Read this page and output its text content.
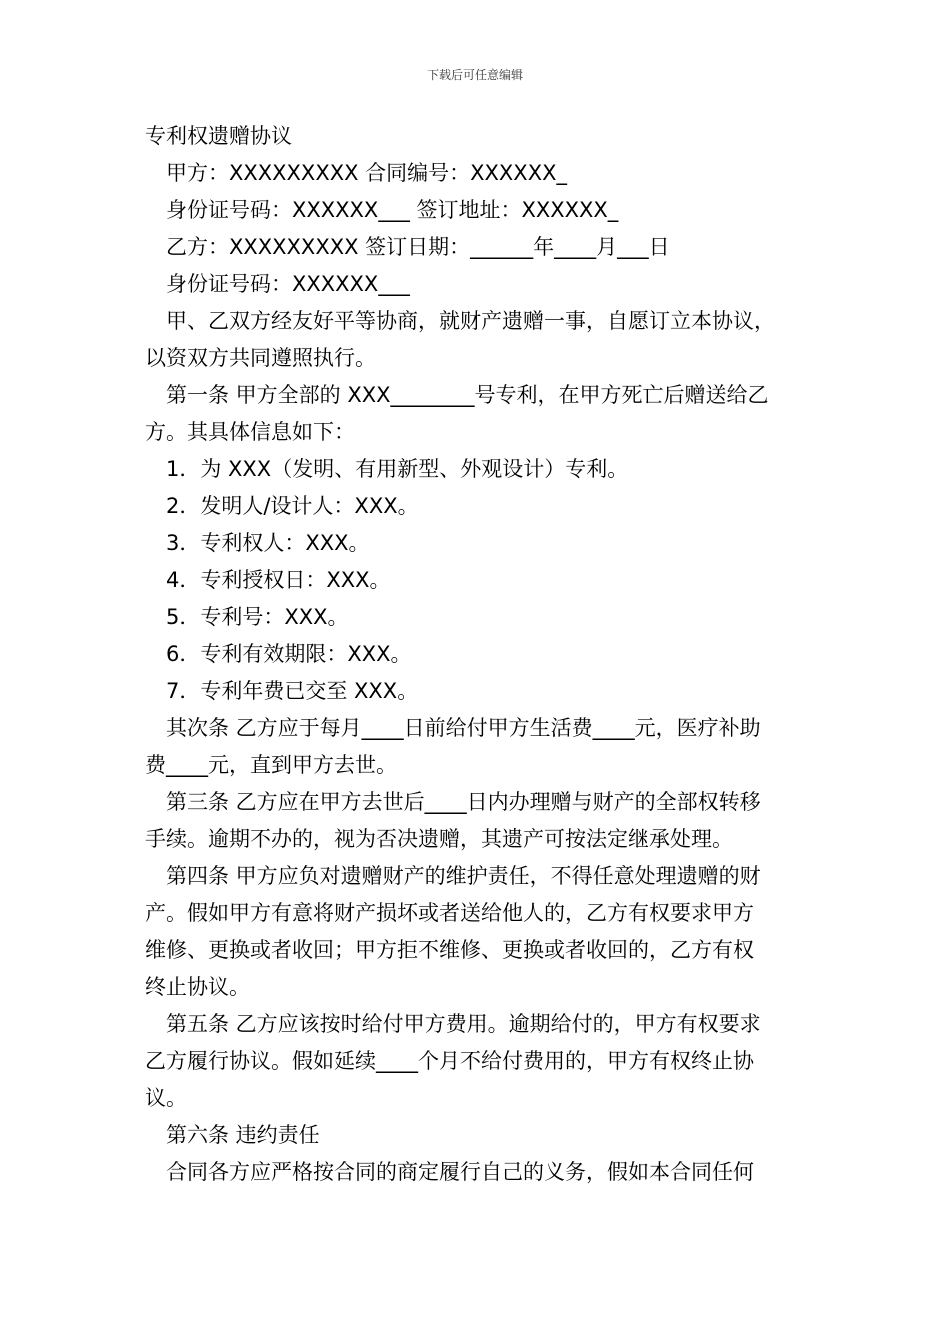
下载后可任意编辑
专利权遗赠协议
甲方：XXXXXXXXX 合同编号：XXXXXX_
身份证号码：XXXXXX___ 签订地址：XXXXXX_
乙方：XXXXXXXXX 签订日期：______年____月___日
身份证号码：XXXXXX___
甲、乙双方经友好平等协商，就财产遗赠一事，自愿订立本协议，
以资双方共同遵照执行。
第一条 甲方全部的 XXX________号专利，在甲方死亡后赠送给乙
方。其具体信息如下：
1．为 XXX（发明、有用新型、外观设计）专利。
2．发明人/设计人：XXX。
3．专利权人：XXX。
4．专利授权日：XXX。
5．专利号：XXX。
6．专利有效期限：XXX。
7．专利年费已交至 XXX。
其次条 乙方应于每月____日前给付甲方生活费____元，医疗补助
费____元，直到甲方去世。
第三条 乙方应在甲方去世后____日内办理赠与财产的全部权转移
手续。逾期不办的，视为否决遗赠，其遗产可按法定继承处理。
第四条 甲方应负对遗赠财产的维护责任，不得任意处理遗赠的财
产。假如甲方有意将财产损坏或者送给他人的，乙方有权要求甲方
维修、更换或者收回；甲方拒不维修、更换或者收回的，乙方有权
终止协议。
第五条 乙方应该按时给付甲方费用。逾期给付的，甲方有权要求
乙方履行协议。假如延续____个月不给付费用的，甲方有权终止协
议。
第六条 违约责任
合同各方应严格按合同的商定履行自己的义务，假如本合同任何
